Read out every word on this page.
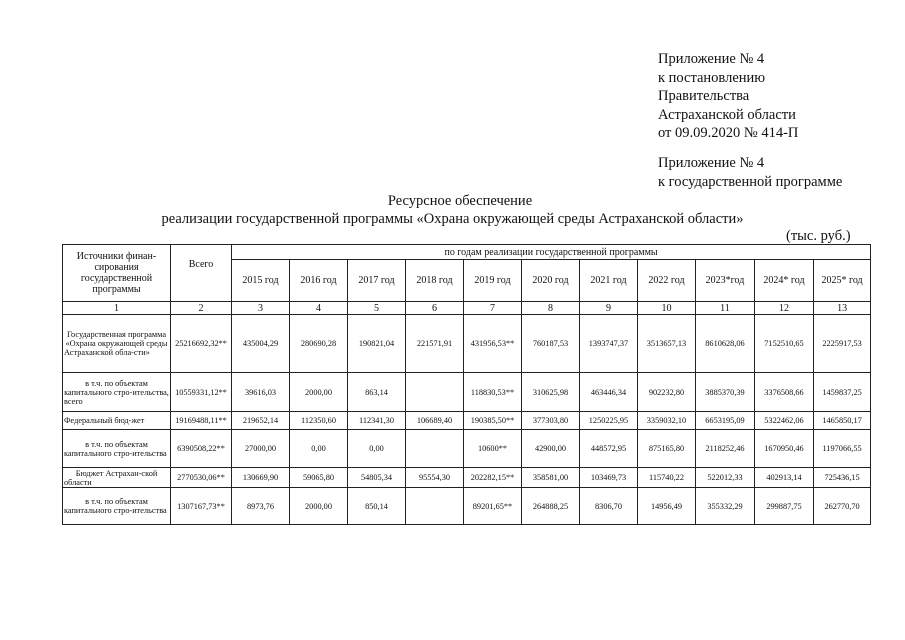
Приложение № 4
к постановлению
Правительства
Астраханской области
от 09.09.2020 № 414-П
Приложение № 4
к государственной программе
Ресурсное обеспечение
реализации государственной программы «Охрана окружающей среды Астраханской области»
(тыс. руб.)
Источники финан-сирования государственной программы	Всего	по годам реализации государственной программы										
		2015 год	2016 год	2017 год	2018 год	2019 год	2020 год	2021 год	2022 год	2023*год	2024* год	2025* год
1	2	3	4	5	6	7	8	9	10	11	12	13
Государственная программа «Охрана окружающей среды Астраханской обла-сти»	25216692,32**	435004,29	280690,28	190821,04	221571,91	431956,53**	760187,53	1393747,37	3513657,13	8610628,06	7152510,65	2225917,53
в т.ч. по объектам капитального стро-ительства, всего	10559331,12**	39616,03	2000,00	863,14		118830,53**	310625,98	463446,34	902232,80	3885370,39	3376508,66	1459837,25
Федеральный бюд-жет	19169488,11**	219652,14	112350,60	112341,30	106689,40	190385,50**	377303,80	1250225,95	3359032,10	6653195,09	5322462,06	1465850,17
в т.ч. по объектам капитального стро-ительства	6390508,22**	27000,00	0,00	0,00		10600**	42900,00	448572,95	875165,80	2118252,46	1670950,46	1197066,55
Бюджет Астрахан-ской области	2770530,06**	130669,90	59065,80	54805,34	95554,30	202282,15**	358581,00	103469,73	115740,22	522012,33	402913,14	725436,15
в т.ч. по объектам капитального стро-ительства	1307167,73**	8973,76	2000,00	850,14		89201,65**	264888,25	8306,70	14956,49	355332,29	299887,75	262770,70
